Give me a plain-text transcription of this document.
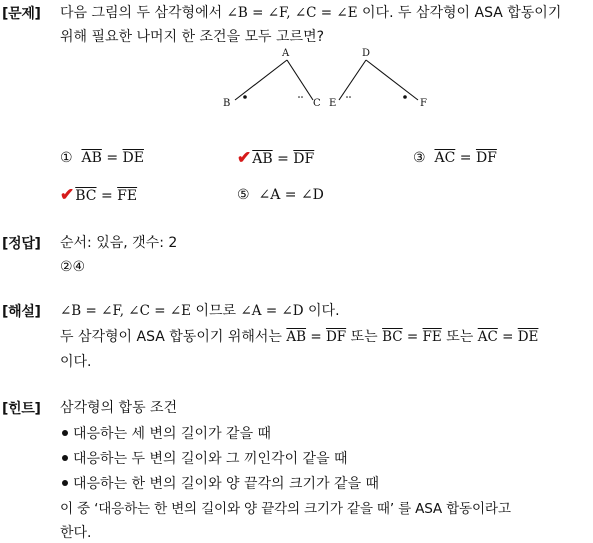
[문제] 다음 그림의 두 삼각형에서 ∠B = ∠F, ∠C = ∠E 이다. 두 삼각형이 ASA 합동이기
위해 필요한 나머지 한 조건을 모두 고르면?
A
B	C
D
E	F
① $\overline{AB} = \overline{DE}$	$✔\overline{AB} = \overline{DF}$	③ $\overline{AC} = \overline{DF}$
$✔\overline{BC} = \overline{FE}$	⑤ ∠A = ∠D
[정답] 순서: 있음, 갯수: 2
②④
[해설] ∠B = ∠F, ∠C = ∠E 이므로 ∠A = ∠D 이다.
두 삼각형이 ASA 합동이기 위해서는 $\overline{AB} = \overline{DF}$ 또는 $\overline{BC} = \overline{FE}$ 또는 $\overline{AC} = \overline{DE}$
이다.
[힌트] 삼각형의 합동 조건
대응하는 세 변의 길이가 같을 때
대응하는 두 변의 길이와 그 끼인각이 같을 때
대응하는 한 변의 길이와 양 끝각의 크기가 같을 때
이 중 ‘대응하는 한 변의 길이와 양 끝각의 크기가 같을 때’ 를 ASA 합동이라고
한다.
